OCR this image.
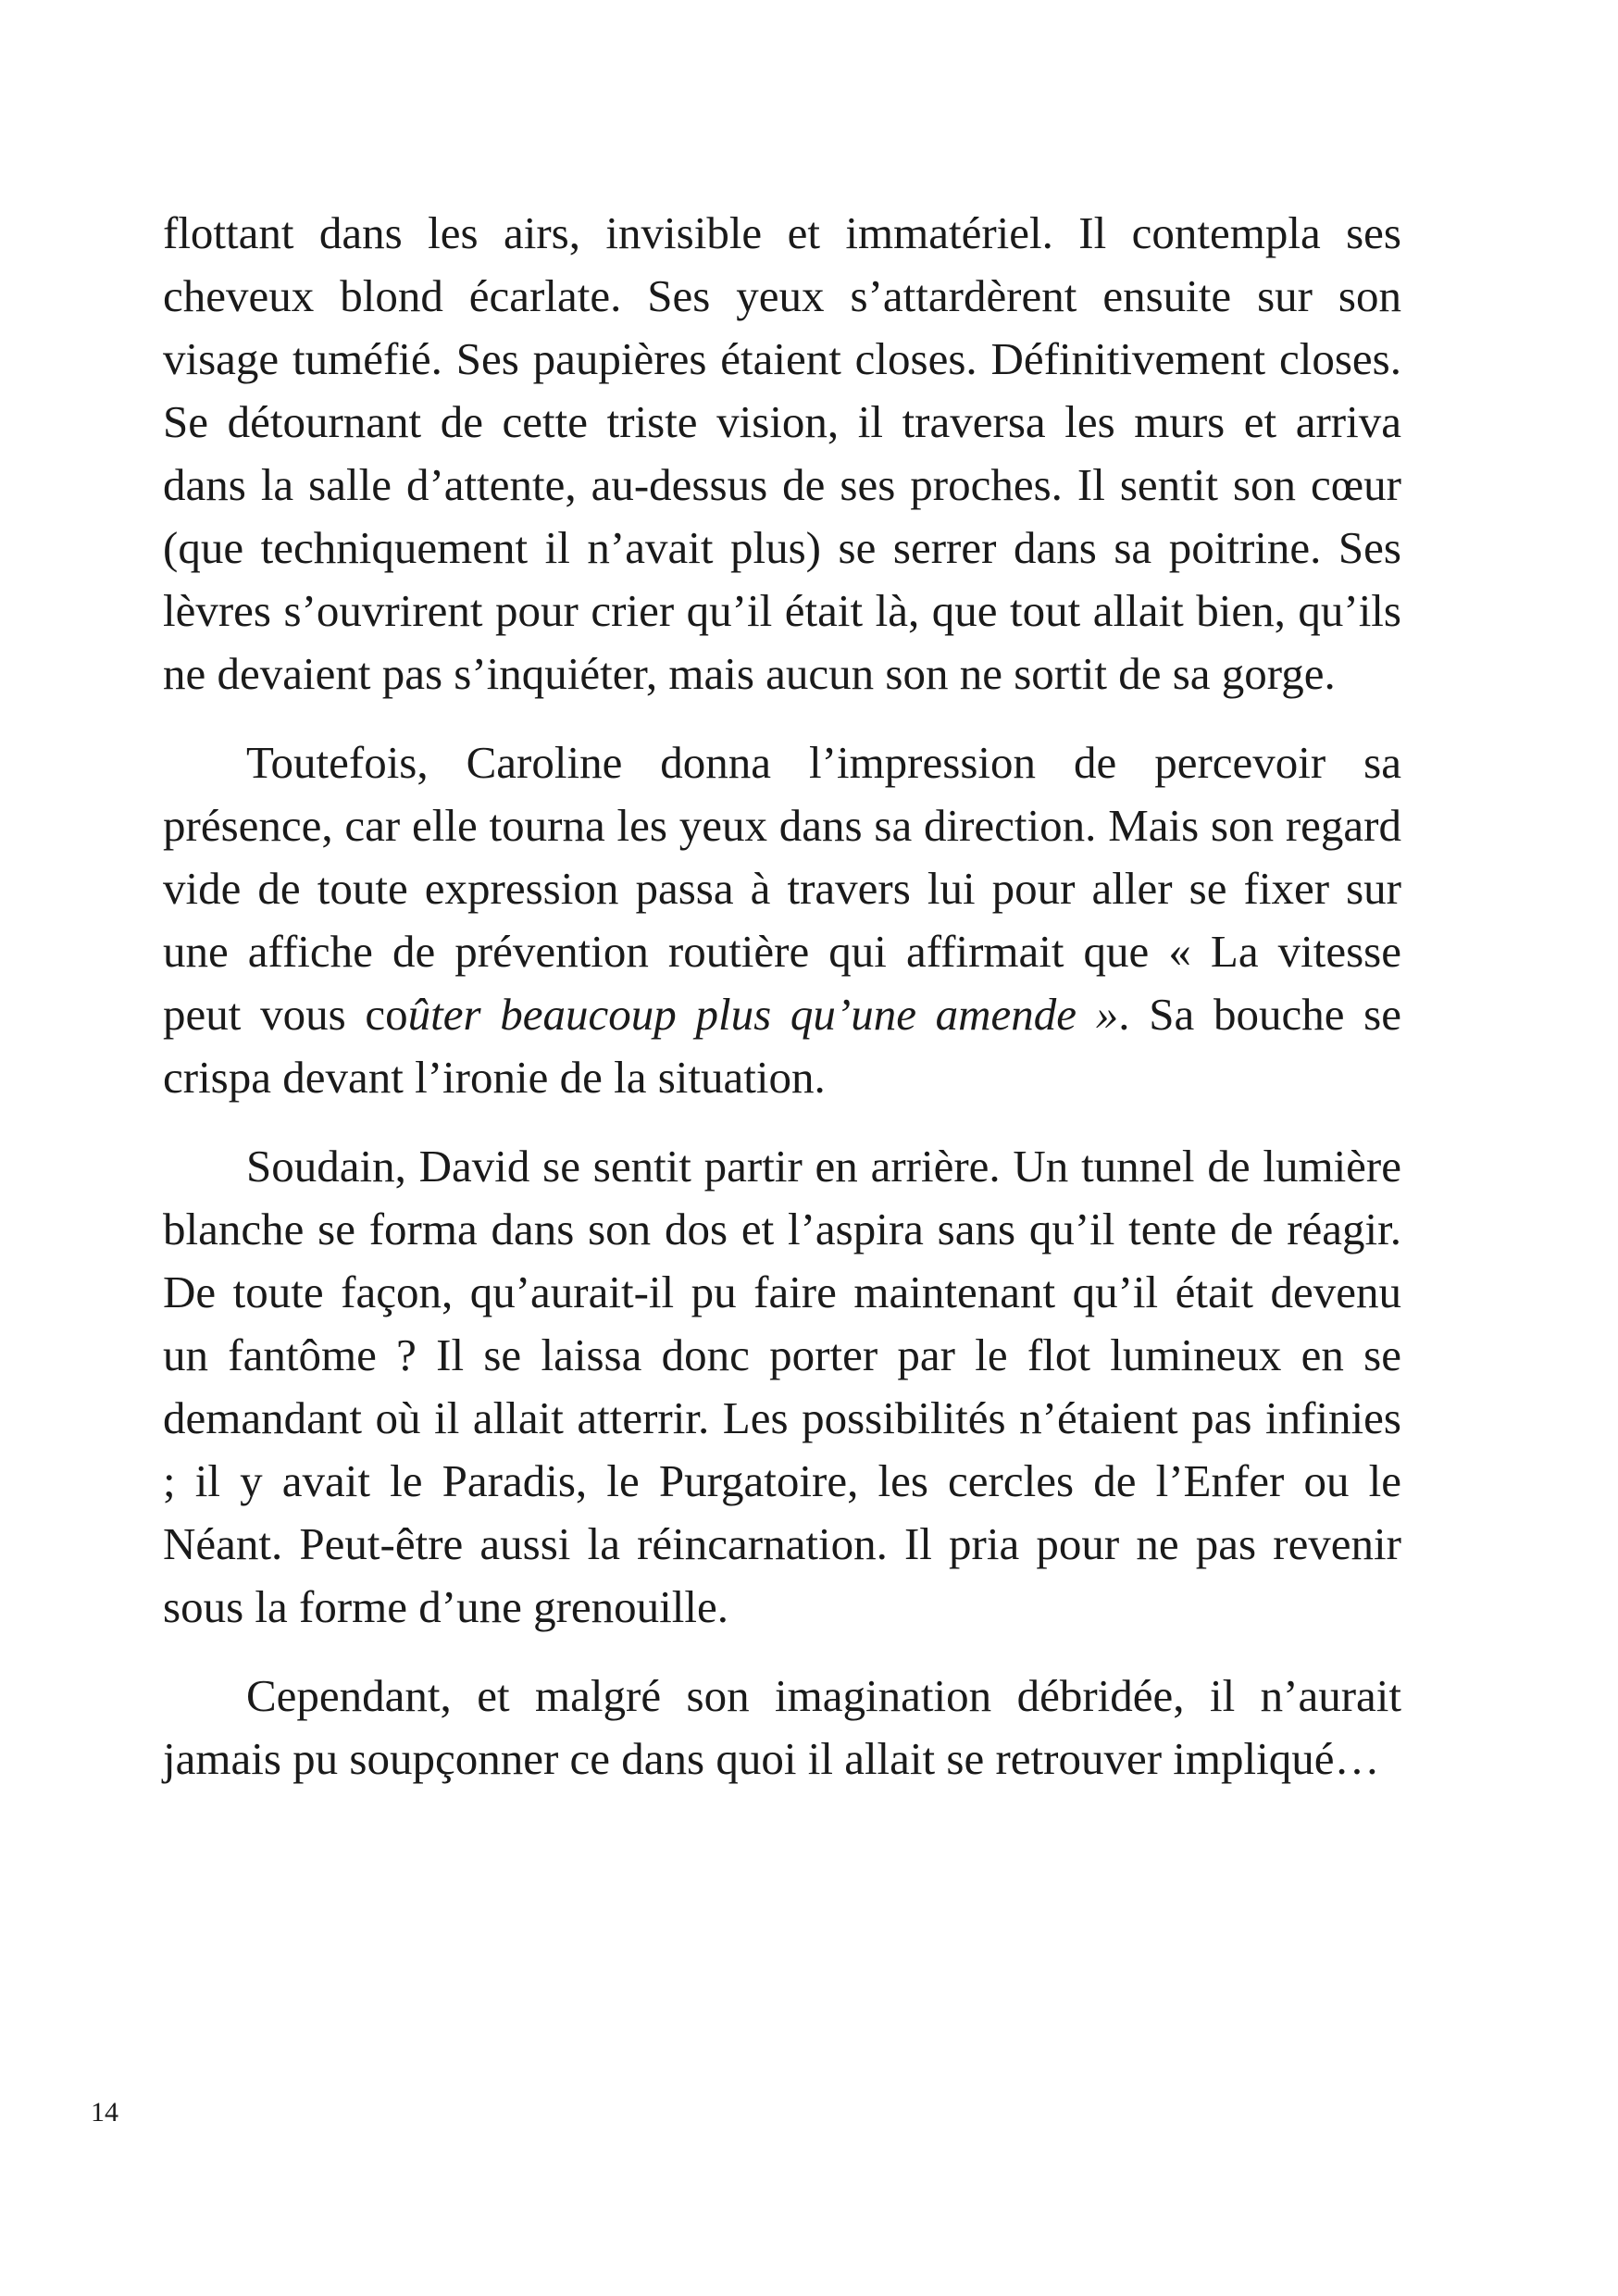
flottant dans les airs, invisible et immatériel. Il contempla ses cheveux blond écarlate. Ses yeux s’attardèrent ensuite sur son visage tuméfié. Ses paupières étaient closes. Définitivement closes. Se détournant de cette triste vision, il traversa les murs et arriva dans la salle d’attente, au-dessus de ses proches. Il sentit son cœur (que techniquement il n’avait plus) se serrer dans sa poitrine. Ses lèvres s’ouvrirent pour crier qu’il était là, que tout allait bien, qu’ils ne devaient pas s’inquiéter, mais aucun son ne sortit de sa gorge.

Toutefois, Caroline donna l’impression de percevoir sa présence, car elle tourna les yeux dans sa direction. Mais son regard vide de toute expression passa à travers lui pour aller se fixer sur une affiche de prévention routière qui affirmait que « La vitesse peut vous coûter beaucoup plus qu’une amende ». Sa bouche se crispa devant l’ironie de la situation.

Soudain, David se sentit partir en arrière. Un tunnel de lumière blanche se forma dans son dos et l’aspira sans qu’il tente de réagir. De toute façon, qu’aurait-il pu faire maintenant qu’il était devenu un fantôme ? Il se laissa donc porter par le flot lumineux en se demandant où il allait atterrir. Les possibilités n’étaient pas infinies ; il y avait le Paradis, le Purgatoire, les cercles de l’Enfer ou le Néant. Peut-être aussi la réincarnation. Il pria pour ne pas revenir sous la forme d’une grenouille.

Cependant, et malgré son imagination débridée, il n’aurait jamais pu soupçonner ce dans quoi il allait se retrouver impliqué…

14
